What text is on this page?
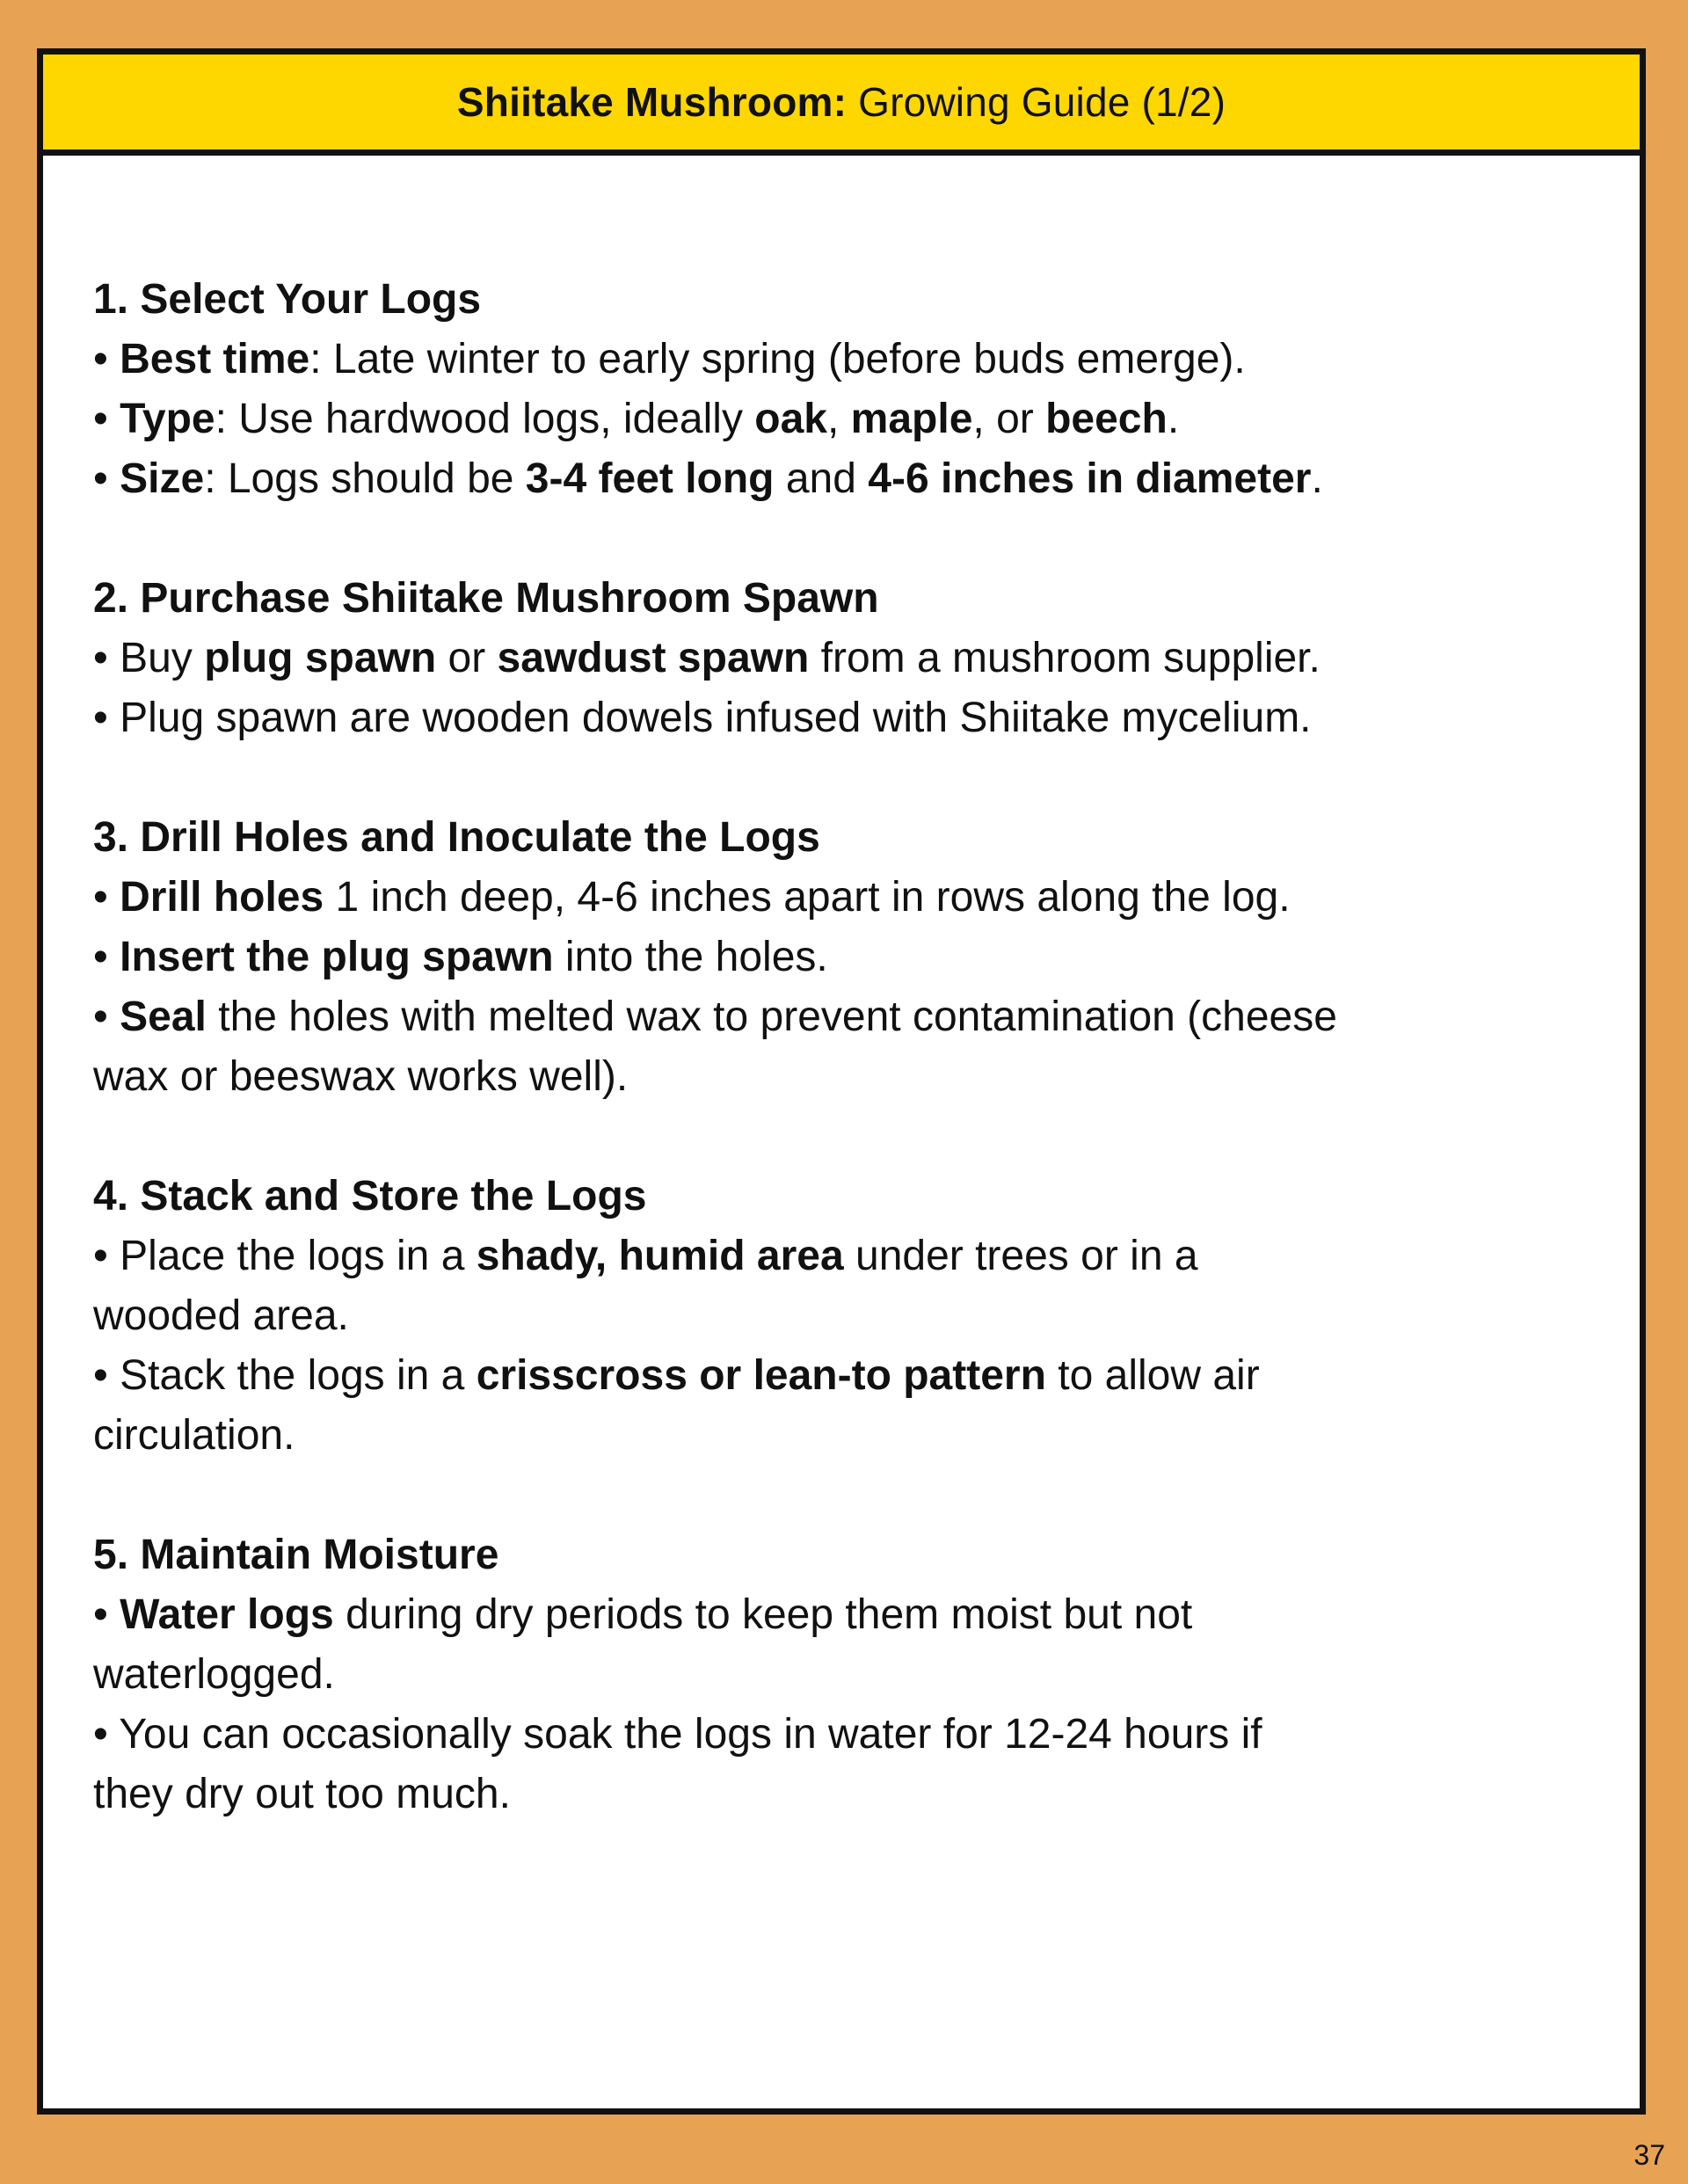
Shiitake Mushroom:
Growing Guide (1/2)
1. Select Your Logs

• Best time: Late winter to early spring (before buds emerge).

• Type: Use hardwood logs, ideally oak, maple, or beech.

• Size: Logs should be 3-4 feet long and 4-6 inches in diameter.

2. Purchase Shiitake Mushroom Spawn

• Buy plug spawn or sawdust spawn from a mushroom supplier.

• Plug spawn are wooden dowels infused with Shiitake mycelium.

3. Drill Holes and Inoculate the Logs

• Drill holes 1 inch deep, 4-6 inches apart in rows along the log.

• Insert the plug spawn into the holes.

• Seal the holes with melted wax to prevent contamination (cheese wax or beeswax works well).

4. Stack and Store the Logs

• Place the logs in a shady, humid area under trees or in a wooded area.

• Stack the logs in a crisscross or lean-to pattern to allow air circulation.

5. Maintain Moisture

• Water logs during dry periods to keep them moist but not waterlogged.

• You can occasionally soak the logs in water for 12-24 hours if they dry out too much.

37
